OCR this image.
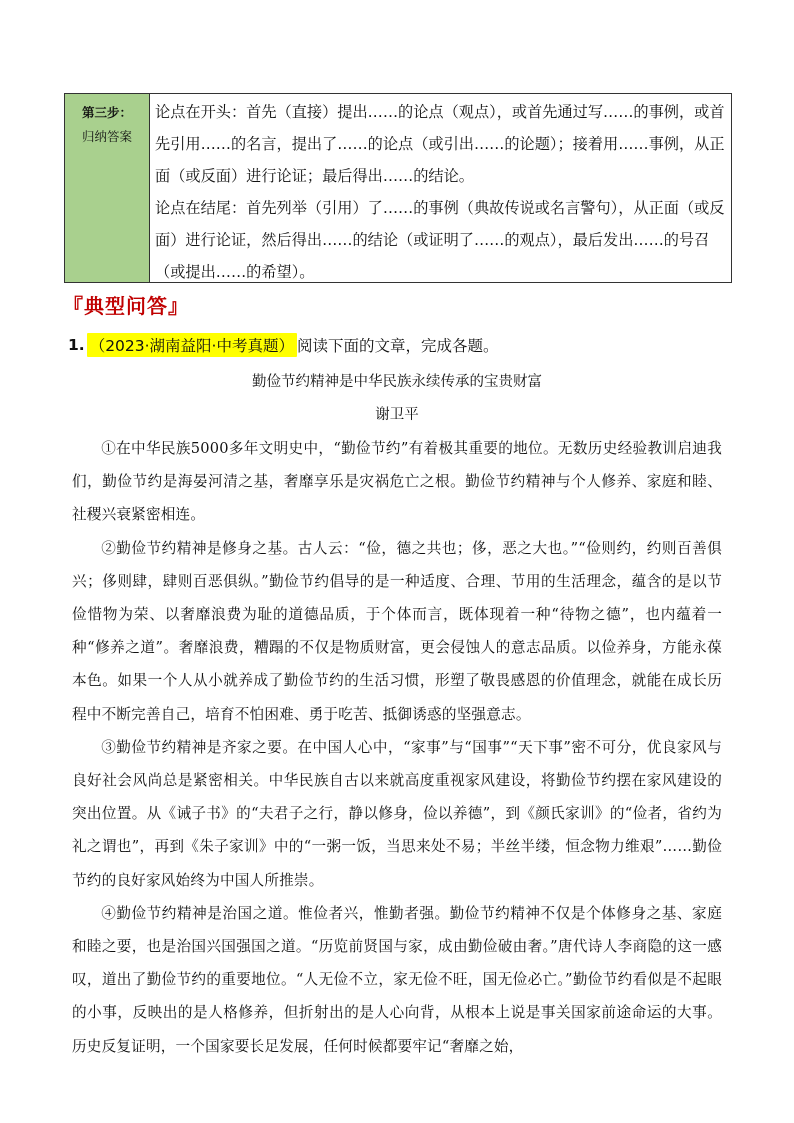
第三步：
归纳答案

论点在开头：首先（直接）提出……的论点（观点），或首先通过写……的事例，或首先引用……的名言，提出了……的论点（或引出……的论题）；接着用……事例，从正面（或反面）进行论证；最后得出……的结论。

论点在结尾：首先列举（引用）了……的事例（典故传说或名言警句），从正面（或反面）进行论证，然后得出……的结论（或证明了……的观点），最后发出……的号召（或提出……的希望）。

『典型问答』
1. （2023·湖南益阳·中考真题） 阅读下面的文章，完成各题。
勤俭节约精神是中华民族永续传承的宝贵财富
谢卫平

①在中华民族5000多年文明史中，“勤俭节约”有着极其重要的地位。无数历史经验教训启迪我们，勤俭节约是海晏河清之基，奢靡享乐是灾祸危亡之根。勤俭节约精神与个人修养、家庭和睦、社稷兴衰紧密相连。

②勤俭节约精神是修身之基。古人云：“俭，德之共也；侈，恶之大也。”“俭则约，约则百善俱兴；侈则肆，肆则百恶俱纵。”勤俭节约倡导的是一种适度、合理、节用的生活理念，蕴含的是以节俭惜物为荣、以奢靡浪费为耻的道德品质，于个体而言，既体现着一种“待物之德”，也内蕴着一种“修养之道”。奢靡浪费，糟蹋的不仅是物质财富，更会侵蚀人的意志品质。以俭养身，方能永葆本色。如果一个人从小就养成了勤俭节约的生活习惯，形塑了敬畏感恩的价值理念，就能在成长历程中不断完善自己，培育不怕困难、勇于吃苦、抵御诱惑的坚强意志。

③勤俭节约精神是齐家之要。在中国人心中，“家事”与“国事”“天下事”密不可分，优良家风与良好社会风尚总是紧密相关。中华民族自古以来就高度重视家风建设，将勤俭节约摆在家风建设的突出位置。从《诫子书》的“夫君子之行，静以修身，俭以养德”，到《颜氏家训》的“俭者，省约为礼之谓也”，再到《朱子家训》中的“一粥一饭，当思来处不易；半丝半缕，恒念物力维艰”……勤俭节约的良好家风始终为中国人所推崇。

④勤俭节约精神是治国之道。惟俭者兴，惟勤者强。勤俭节约精神不仅是个体修身之基、家庭和睦之要，也是治国兴国强国之道。“历览前贤国与家，成由勤俭破由奢。”唐代诗人李商隐的这一感叹，道出了勤俭节约的重要地位。“人无俭不立，家无俭不旺，国无俭必亡。”勤俭节约看似是不起眼的小事，反映出的是人格修养，但折射出的是人心向背，从根本上说是事关国家前途命运的大事。历史反复证明，一个国家要长足发展，任何时候都要牢记“奢靡之始，
